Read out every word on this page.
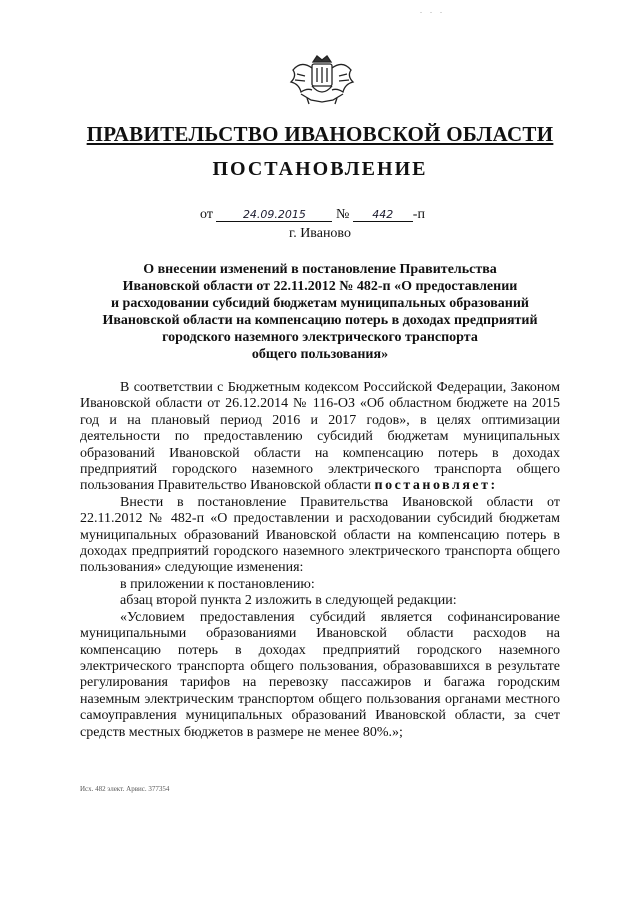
. . .
ПРАВИТЕЛЬСТВО ИВАНОВСКОЙ ОБЛАСТИ
ПОСТАНОВЛЕНИЕ
от	24.09.2015 № 442 -п
г. Иваново
О внесении изменений в постановление Правительства
Ивановской области от 22.11.2012 № 482-п «О предоставлении
и расходовании субсидий бюджетам муниципальных образований
Ивановской области на компенсацию потерь в доходах предприятий
городского наземного электрического транспорта
общего пользования»

В соответствии с Бюджетным кодексом Российской Федерации, Законом Ивановской области от 26.12.2014 № 116-ОЗ «Об областном бюджете на 2015 год и на плановый период 2016 и 2017 годов», в целях оптимизации деятельности по предоставлению субсидий бюджетам муниципальных образований Ивановской области на компенсацию потерь в доходах предприятий городского наземного электрического транспорта общего пользования Правительство Ивановской области постановляет:

Внести в постановление Правительства Ивановской области от 22.11.2012 № 482-п «О предоставлении и расходовании субсидий бюджетам муниципальных образований Ивановской области на компенсацию потерь в доходах предприятий городского наземного электрического транспорта общего пользования» следующие изменения:

в приложении к постановлению:

абзац второй пункта 2 изложить в следующей редакции:

«Условием предоставления субсидий является софинансирование муниципальными образованиями Ивановской области расходов на компенсацию потерь в доходах предприятий городского наземного электрического транспорта общего пользования, образовавшихся в результате регулирования тарифов на перевозку пассажиров и багажа городским наземным электрическим транспортом общего пользования органами местного самоуправления муниципальных образований Ивановской области, за счет средств местных бюджетов в размере не менее 80%.»;

Исх. 482 элект. Арвис. 377354
